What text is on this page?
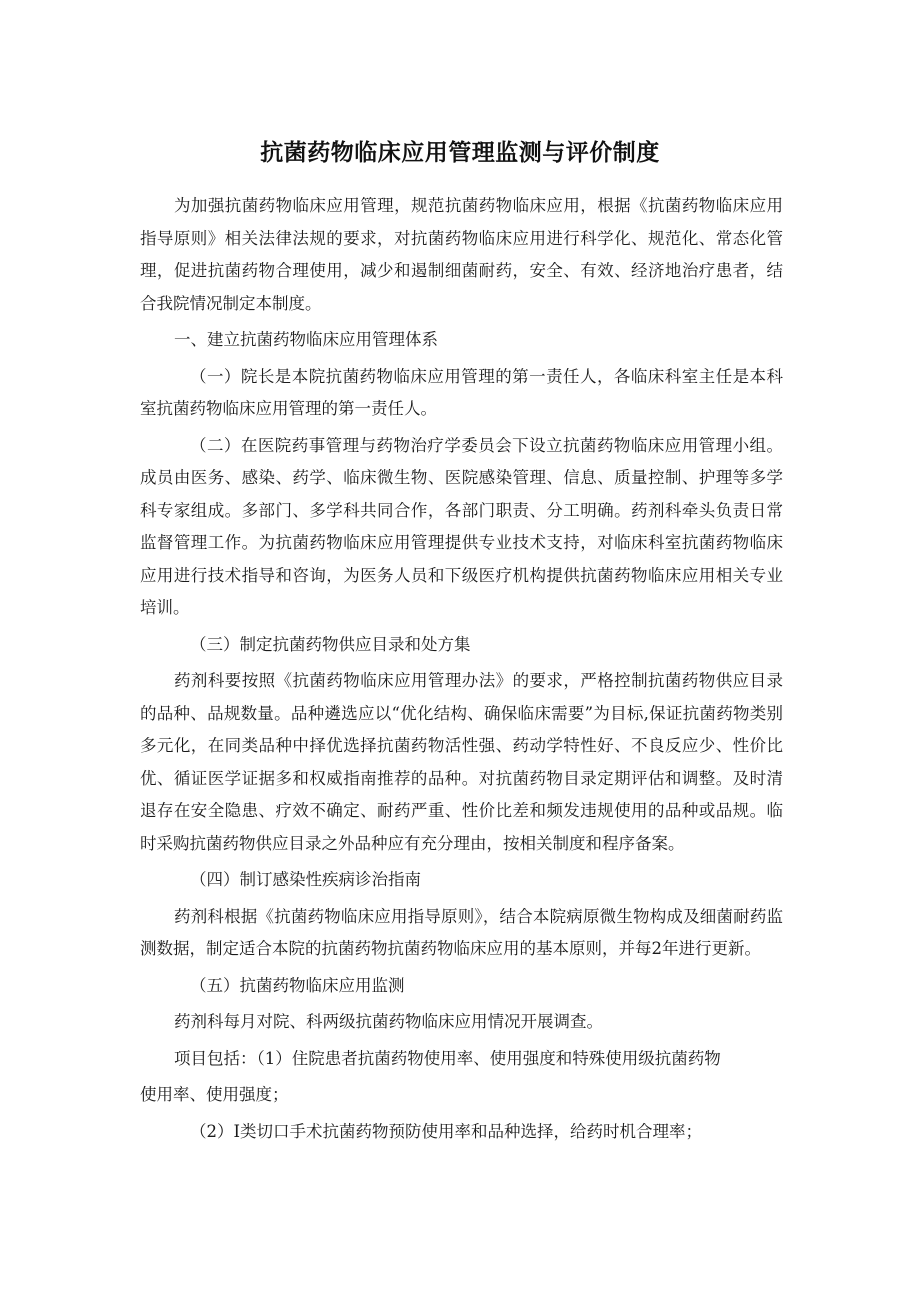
抗菌药物临床应用管理监测与评价制度

为加强抗菌药物临床应用管理，规范抗菌药物临床应用，根据《抗菌药物临床应用指导原则》相关法律法规的要求，对抗菌药物临床应用进行科学化、规范化、常态化管理，促进抗菌药物合理使用，减少和遏制细菌耐药，安全、有效、经济地治疗患者，结合我院情况制定本制度。

一、建立抗菌药物临床应用管理体系

（一）院长是本院抗菌药物临床应用管理的第一责任人，各临床科室主任是本科室抗菌药物临床应用管理的第一责任人。

（二）在医院药事管理与药物治疗学委员会下设立抗菌药物临床应用管理小组。成员由医务、感染、药学、临床微生物、医院感染管理、信息、质量控制、护理等多学科专家组成。多部门、多学科共同合作，各部门职责、分工明确。药剂科牵头负责日常监督管理工作。为抗菌药物临床应用管理提供专业技术支持，对临床科室抗菌药物临床应用进行技术指导和咨询，为医务人员和下级医疗机构提供抗菌药物临床应用相关专业培训。

（三）制定抗菌药物供应目录和处方集

药剂科要按照《抗菌药物临床应用管理办法》的要求，严格控制抗菌药物供应目录的品种、品规数量。品种遴选应以“优化结构、确保临床需要”为目标,保证抗菌药物类别多元化，在同类品种中择优选择抗菌药物活性强、药动学特性好、不良反应少、性价比优、循证医学证据多和权威指南推荐的品种。对抗菌药物目录定期评估和调整。及时清退存在安全隐患、疗效不确定、耐药严重、性价比差和频发违规使用的品种或品规。临时采购抗菌药物供应目录之外品种应有充分理由，按相关制度和程序备案。

（四）制订感染性疾病诊治指南

药剂科根据《抗菌药物临床应用指导原则》，结合本院病原微生物构成及细菌耐药监测数据，制定适合本院的抗菌药物抗菌药物临床应用的基本原则，并每2年进行更新。

（五）抗菌药物临床应用监测

药剂科每月对院、科两级抗菌药物临床应用情况开展调查。

项目包括：（1）住院患者抗菌药物使用率、使用强度和特殊使用级抗菌药物

使用率、使用强度；

（2）I类切口手术抗菌药物预防使用率和品种选择，给药时机合理率；
